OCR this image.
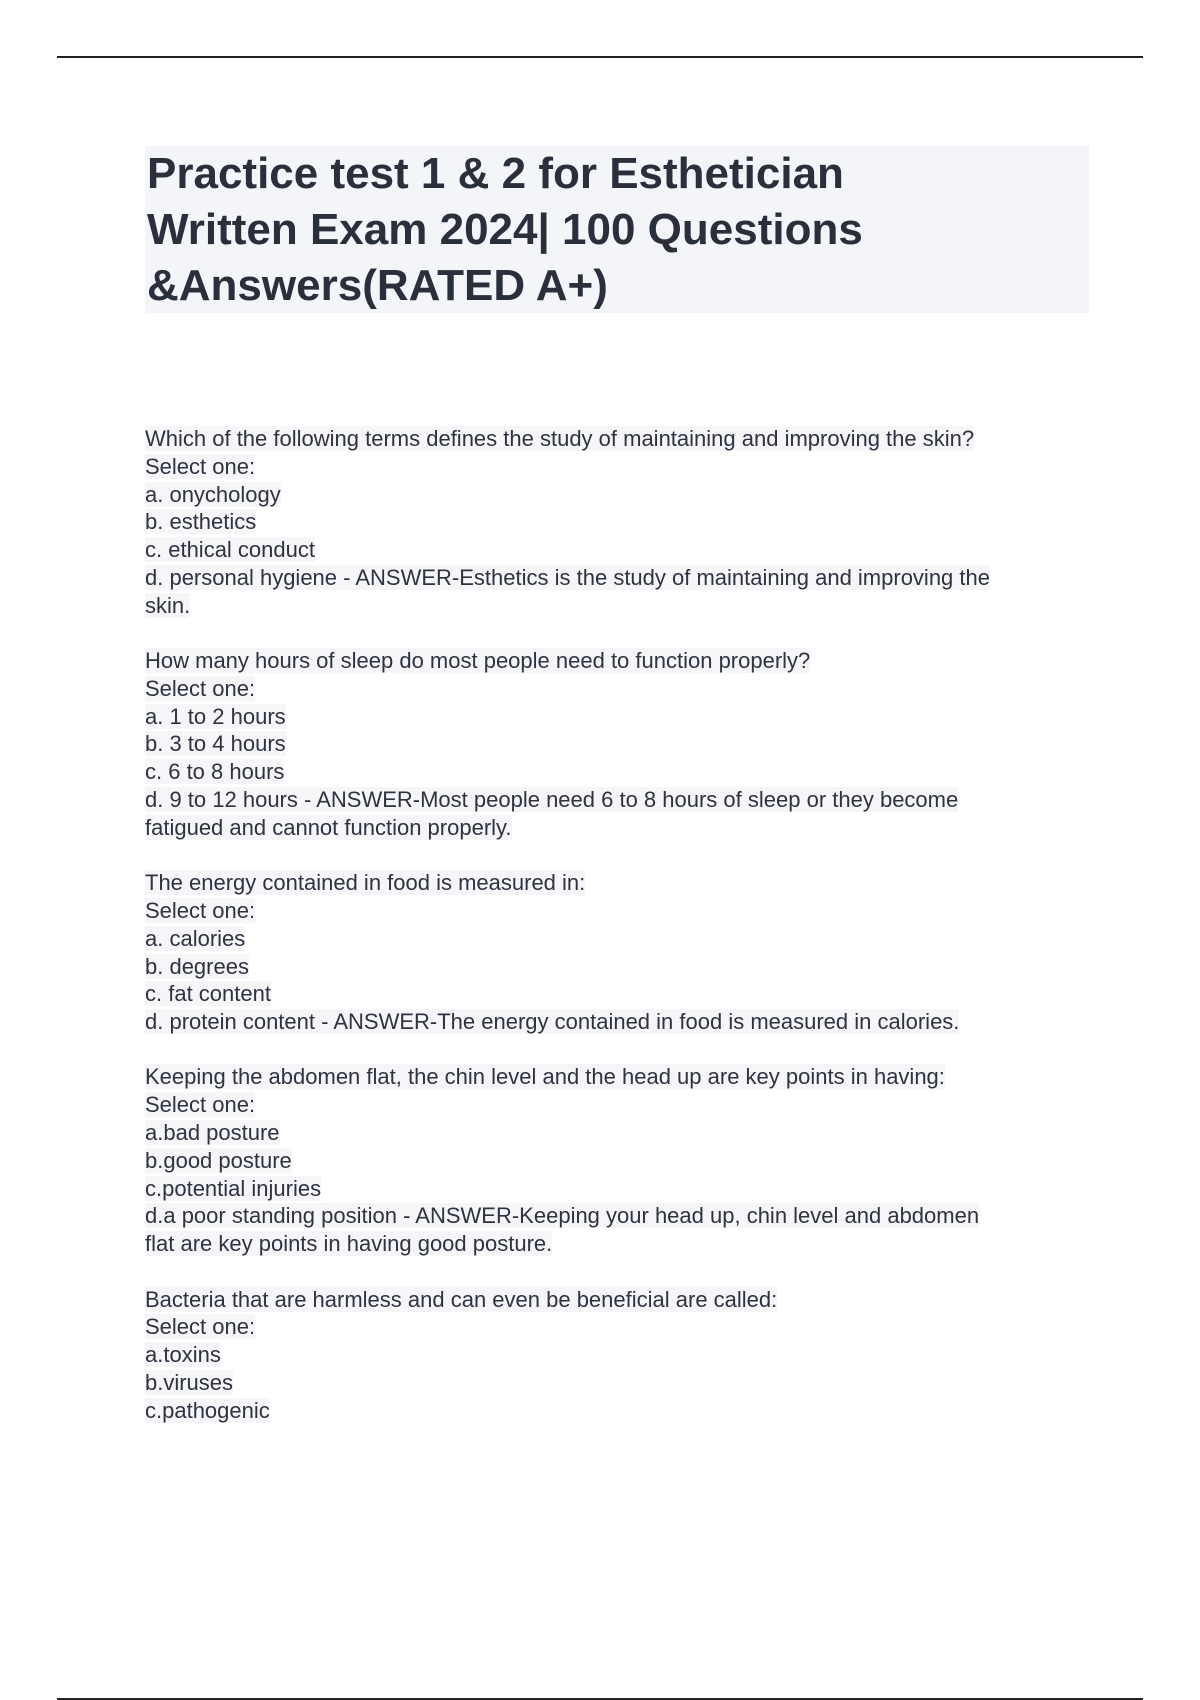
Practice test 1 & 2 for Esthetician
Written Exam 2024| 100 Questions
&Answers(RATED A+)
Which of the following terms defines the study of maintaining and improving the skin?
Select one:
a. onychology
b. esthetics
c. ethical conduct
d. personal hygiene - ANSWER-Esthetics is the study of maintaining and improving the
skin.
How many hours of sleep do most people need to function properly?
Select one:
a. 1 to 2 hours
b. 3 to 4 hours
c. 6 to 8 hours
d. 9 to 12 hours - ANSWER-Most people need 6 to 8 hours of sleep or they become
fatigued and cannot function properly.
The energy contained in food is measured in:
Select one:
a. calories
b. degrees
c. fat content
d. protein content - ANSWER-The energy contained in food is measured in calories.
Keeping the abdomen flat, the chin level and the head up are key points in having:
Select one:
a.bad posture
b.good posture
c.potential injuries
d.a poor standing position - ANSWER-Keeping your head up, chin level and abdomen
flat are key points in having good posture.
Bacteria that are harmless and can even be beneficial are called:
Select one:
a.toxins
b.viruses
c.pathogenic
